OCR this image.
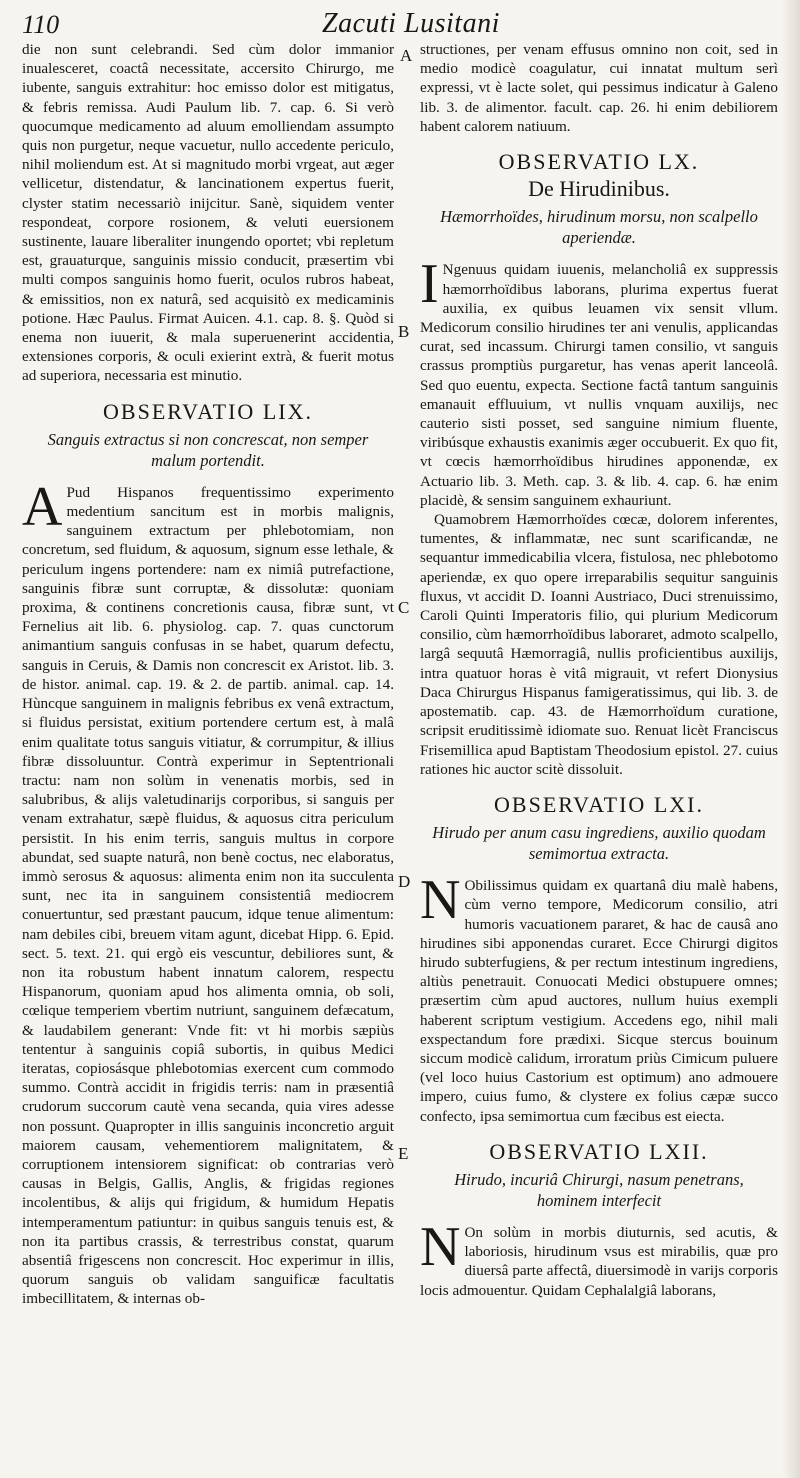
110	Zacuti Lusitani
A
B
C
D
E

die non sunt celebrandi. Sed cùm dolor immanior inualesceret, coactâ necessitate, accersito Chirurgo, me iubente, sanguis extrahitur: hoc emisso dolor est mitigatus, & febris remissa. Audi Paulum lib. 7. cap. 6. Si verò quocumque medicamento ad aluum emolliendam assumpto quis non purgetur, neque vacuetur, nullo accedente periculo, nihil moliendum est. At si magnitudo morbi vrgeat, aut æger vellicetur, distendatur, & lancinationem expertus fuerit, clyster statim necessariò inijcitur. Sanè, siquidem venter respondeat, corpore rosionem, & veluti euersionem sustinente, lauare liberaliter inungendo oportet; vbi repletum est, grauaturque, sanguinis missio conducit, præsertim vbi multi compos sanguinis homo fuerit, oculos rubros habeat, & emissitios, non ex naturâ, sed acquisitò ex medicaminis potione. Hæc Paulus. Firmat Auicen. 4.1. cap. 8. §. Quòd si enema non iuuerit, & mala superuenerint accidentia, extensiones corporis, & oculi exierint extrà, & fuerit motus ad superiora, necessaria est minutio.

OBSERVATIO LIX.
Sanguis extractus si non concrescat, non semper malum portendit.

A Pud Hispanos frequentissimo experimento medentium sancitum est in morbis malignis, sanguinem extractum per phlebotomiam, non concretum, sed fluidum, & aquosum, signum esse lethale, & periculum ingens portendere: nam ex nimiâ putrefactione, sanguinis fibræ sunt corruptæ, & dissolutæ: quoniam proxima, & continens concretionis causa, fibræ sunt, vt Fernelius ait lib. 6. physiolog. cap. 7. quas cunctorum animantium sanguis confusas in se habet, quarum defectu, sanguis in Ceruis, & Damis non concrescit ex Aristot. lib. 3. de histor. animal. cap. 19. & 2. de partib. animal. cap. 14. Hùncque sanguinem in malignis febribus ex venâ extractum, si fluidus persistat, exitium portendere certum est, à malâ enim qualitate totus sanguis vitiatur, & corrumpitur, & illius fibræ dissoluuntur. Contrà experimur in Septentrionali tractu: nam non solùm in venenatis morbis, sed in salubribus, & alijs valetudinarijs corporibus, si sanguis per venam extrahatur, sæpè fluidus, & aquosus citra periculum persistit. In his enim terris, sanguis multus in corpore abundat, sed suapte naturâ, non benè coctus, nec elaboratus, immò serosus & aquosus: alimenta enim non ita succulenta sunt, nec ita in sanguinem consistentiâ mediocrem conuertuntur, sed præstant paucum, idque tenue alimentum: nam debiles cibi, breuem vitam agunt, dicebat Hipp. 6. Epid. sect. 5. text. 21. qui ergò eis vescuntur, debiliores sunt, & non ita robustum habent innatum calorem, respectu Hispanorum, quoniam apud hos alimenta omnia, ob soli, cœlique temperiem vbertim nutriunt, sanguinem defæcatum, & laudabilem generant: Vnde fit: vt hi morbis sæpiùs tententur à sanguinis copiâ subortis, in quibus Medici iteratas, copiosásque phlebotomias exercent cum commodo summo. Contrà accidit in frigidis terris: nam in præsentiâ crudorum succorum cautè vena secanda, quia vires adesse non possunt. Quapropter in illis sanguinis inconcretio arguit maiorem causam, vehementiorem malignitatem, & corruptionem intensiorem significat: ob contrarias verò causas in Belgis, Gallis, Anglis, & frigidas regiones incolentibus, & alijs qui frigidum, & humidum Hepatis intemperamentum patiuntur: in quibus sanguis tenuis est, & non ita partibus crassis, & terrestribus constat, quarum absentiâ frigescens non concrescit. Hoc experimur in illis, quorum sanguis ob validam sanguificæ facultatis imbecillitatem, & internas ob-

structiones, per venam effusus omnino non coit, sed in medio modicè coagulatur, cui innatat multum serì expressi, vt è lacte solet, qui pessimus indicatur à Galeno lib. 3. de alimentor. facult. cap. 26. hi enim debiliorem habent calorem natiuum.

OBSERVATIO LX.
De Hirudinibus.
Hæmorrhoïdes, hirudinum morsu, non scalpello aperiendæ.

I Ngenuus quidam iuuenis, melancholiâ ex suppressis hæmorrhoïdibus laborans, plurima expertus fuerat auxilia, ex quibus leuamen vix sensit vllum. Medicorum consilio hirudines ter ani venulis, applicandas curat, sed incassum. Chirurgi tamen consilio, vt sanguis crassus promptiùs purgaretur, has venas aperit lanceolâ. Sed quo euentu, expecta. Sectione factâ tantum sanguinis emanauit effluuium, vt nullis vnquam auxilijs, nec cauterio sisti posset, sed sanguine nimium fluente, viribúsque exhaustis exanimis æger occubuerit. Ex quo fit, vt cœcis hæmorrhoïdibus hirudines apponendæ, ex Actuario lib. 3. Meth. cap. 3. & lib. 4. cap. 6. hæ enim placidè, & sensim sanguinem exhauriunt.

Quamobrem Hæmorrhoïdes cœcæ, dolorem inferentes, tumentes, & inflammatæ, nec sunt scarificandæ, ne sequantur immedicabilia vlcera, fistulosa, nec phlebotomo aperiendæ, ex quo opere irreparabilis sequitur sanguinis fluxus, vt accidit D. Ioanni Austriaco, Duci strenuissimo, Caroli Quinti Imperatoris filio, qui plurium Medicorum consilio, cùm hæmorrhoïdibus laboraret, admoto scalpello, largâ sequutâ Hæmorragiâ, nullis proficientibus auxilijs, intra quatuor horas è vitâ migrauit, vt refert Dionysius Daca Chirurgus Hispanus famigeratissimus, qui lib. 3. de apostematib. cap. 43. de Hæmorrhoïdum curatione, scripsit eruditissimè idiomate suo. Renuat licèt Franciscus Frisemillica apud Baptistam Theodosium epistol. 27. cuius rationes hic auctor scitè dissoluit.

OBSERVATIO LXI.
Hirudo per anum casu ingrediens, auxilio quodam semimortua extracta.

N Obilissimus quidam ex quartanâ diu malè habens, cùm verno tempore, Medicorum consilio, atri humoris vacuationem pararet, & hac de causâ ano hirudines sibi apponendas curaret. Ecce Chirurgi digitos hirudo subterfugiens, & per rectum intestinum ingrediens, altiùs penetrauit. Conuocati Medici obstupuere omnes; præsertim cùm apud auctores, nullum huius exempli haberent scriptum vestigium. Accedens ego, nihil mali exspectandum fore prædixi. Sicque stercus bouinum siccum modicè calidum, irroratum priùs Cimicum puluere (vel loco huius Castorium est optimum) ano admouere impero, cuius fumo, & clystere ex folius cæpæ succo confecto, ipsa semimortua cum fæcibus est eiecta.

OBSERVATIO LXII.
Hirudo, incuriâ Chirurgi, nasum penetrans, hominem interfecit

N On solùm in morbis diuturnis, sed acutis, & laboriosis, hirudinum vsus est mirabilis, quæ pro diuersâ parte affectâ, diuersimodè in varijs corporis locis admouentur. Quidam Cephalalgiâ laborans,
